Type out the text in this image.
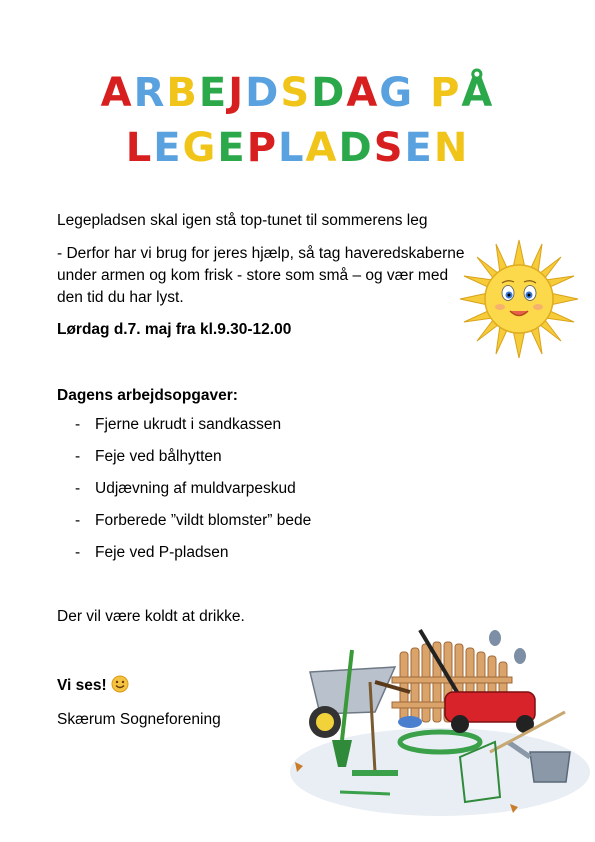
ARBEJDSDAG PÅ
LEGEPLADSEN
Legepladsen skal igen stå top-tunet til sommerens leg
- Derfor har vi brug for jeres hjælp, så tag haveredskaberne under armen og kom frisk - store som små – og vær med den tid du har lyst.
Lørdag d.7. maj fra kl.9.30-12.00
Dagens arbejdsopgaver:
- Fjerne ukrudt i sandkassen
- Feje ved bålhytten
- Udjævning af muldvarpeskud
- Forberede ”vildt blomster” bede
- Feje ved P-pladsen
Der vil være koldt at drikke.
Vi ses!
Skærum Sogneforening
